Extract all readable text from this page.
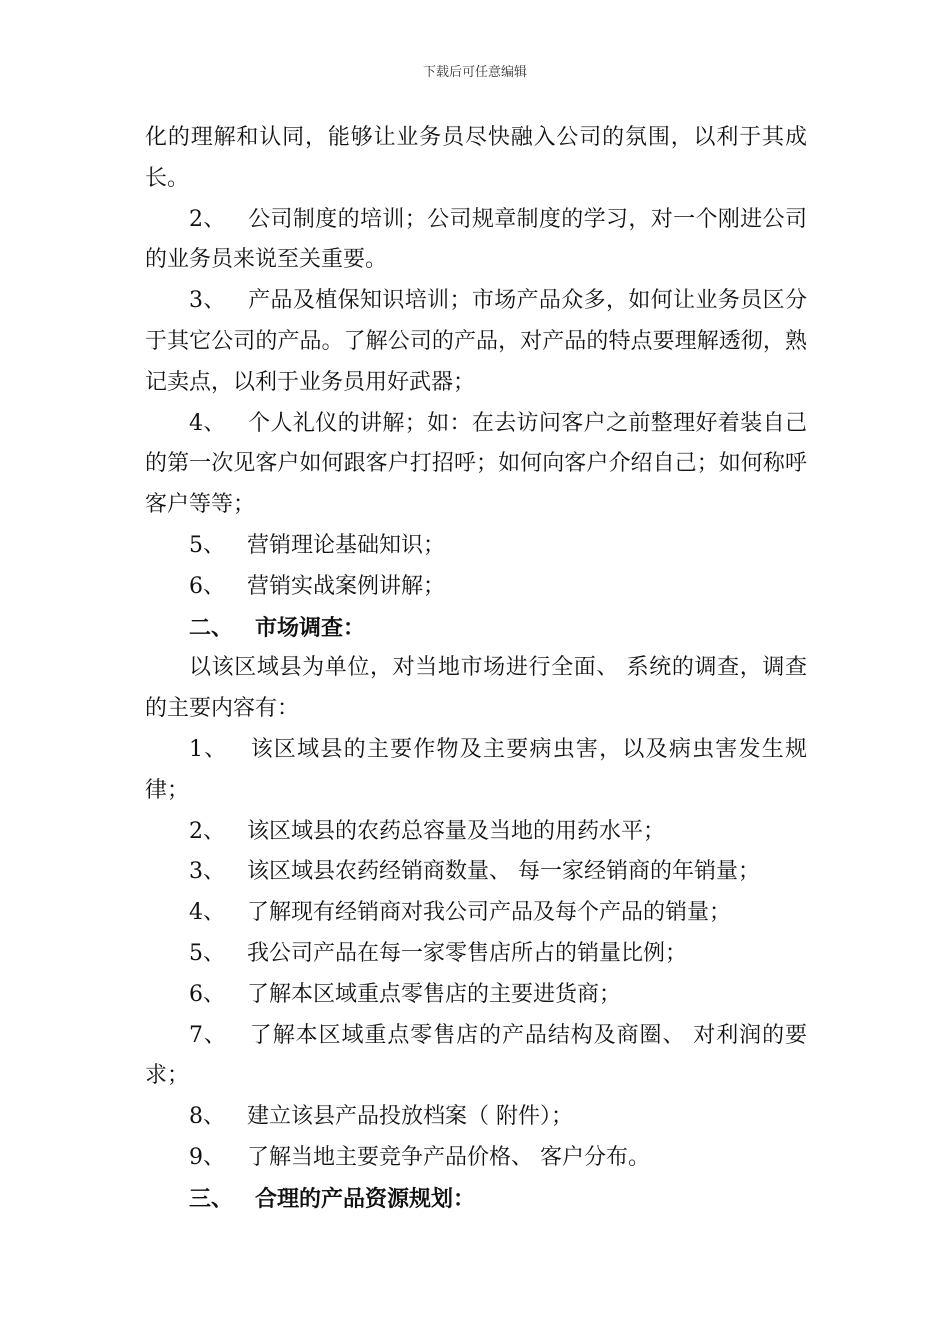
下载后可任意编辑

化的理解和认同，能够让业务员尽快融入公司的氛围，以利于其成长。

2、 公司制度的培训；公司规章制度的学习，对一个刚进公司的业务员来说至关重要。

3、 产品及植保知识培训；市场产品众多，如何让业务员区分于其它公司的产品。了解公司的产品，对产品的特点要理解透彻，熟记卖点，以利于业务员用好武器；

4、 个人礼仪的讲解；如：在去访问客户之前整理好着装自己的第一次见客户如何跟客户打招呼；如何向客户介绍自己；如何称呼客户等等；

5、 营销理论基础知识；

6、 营销实战案例讲解；

二、 市场调查：

以该区域县为单位，对当地市场进行全面、 系统的调查，调查的主要内容有：

1、 该区域县的主要作物及主要病虫害，以及病虫害发生规律；

2、 该区域县的农药总容量及当地的用药水平；

3、 该区域县农药经销商数量、 每一家经销商的年销量；

4、 了解现有经销商对我公司产品及每个产品的销量；

5、 我公司产品在每一家零售店所占的销量比例；

6、 了解本区域重点零售店的主要进货商；

7、 了解本区域重点零售店的产品结构及商圈、 对利润的要求；

8、 建立该县产品投放档案（ 附件）；

9、 了解当地主要竞争产品价格、 客户分布。

三、 合理的产品资源规划：
